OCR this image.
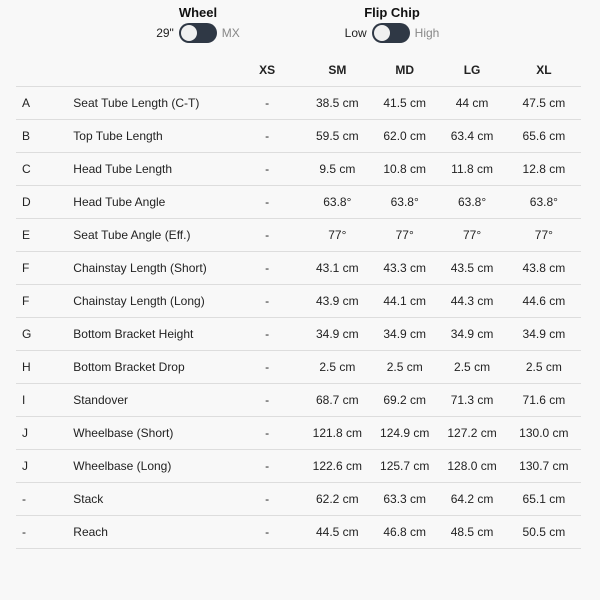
Wheel
29"	MX
Flip Chip
Low	High
		XS	SM	MD	LG	XL
A	Seat Tube Length (C-T)	-	38.5 cm	41.5 cm	44 cm	47.5 cm
B	Top Tube Length	-	59.5 cm	62.0 cm	63.4 cm	65.6 cm
C	Head Tube Length	-	9.5 cm	10.8 cm	11.8 cm	12.8 cm
D	Head Tube Angle	-	63.8°	63.8°	63.8°	63.8°
E	Seat Tube Angle (Eff.)	-	77°	77°	77°	77°
F	Chainstay Length (Short)	-	43.1 cm	43.3 cm	43.5 cm	43.8 cm
F	Chainstay Length (Long)	-	43.9 cm	44.1 cm	44.3 cm	44.6 cm
G	Bottom Bracket Height	-	34.9 cm	34.9 cm	34.9 cm	34.9 cm
H	Bottom Bracket Drop	-	2.5 cm	2.5 cm	2.5 cm	2.5 cm
I	Standover	-	68.7 cm	69.2 cm	71.3 cm	71.6 cm
J	Wheelbase (Short)	-	121.8 cm	124.9 cm	127.2 cm	130.0 cm
J	Wheelbase (Long)	-	122.6 cm	125.7 cm	128.0 cm	130.7 cm
-	Stack	-	62.2 cm	63.3 cm	64.2 cm	65.1 cm
-	Reach	-	44.5 cm	46.8 cm	48.5 cm	50.5 cm
